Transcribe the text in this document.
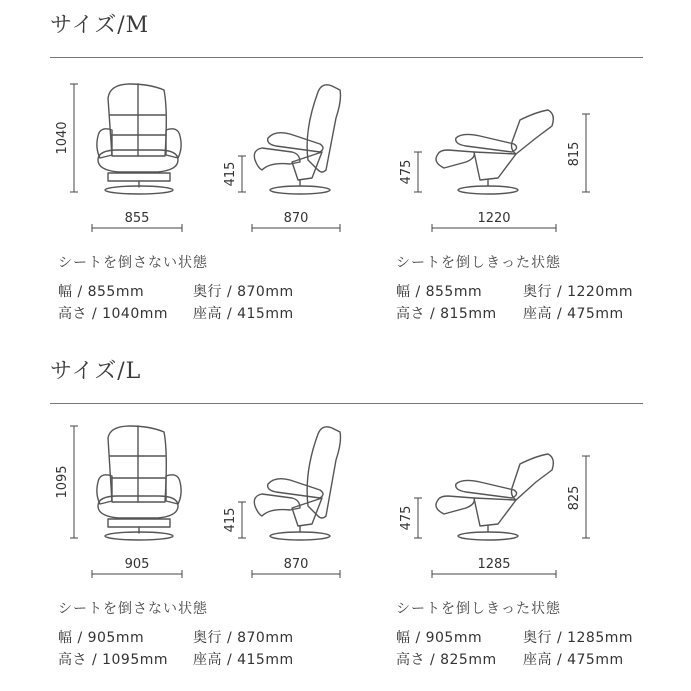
サイズ/M
1040
855
415
870
475
815
1220
シートを倒さない状態	シートを倒しきった状態
幅 / 855mm	奥行 / 870mm
高さ / 1040mm 座高 / 415mm
幅 / 855mm	奥行 / 1220mm
高さ / 815mm 座高 / 475mm
サイズ/L
1095
905
415
870
475
825
1285
シートを倒さない状態	シートを倒しきった状態
幅 / 905mm	奥行 / 870mm
高さ / 1095mm 座高 / 415mm
幅 / 905mm	奥行 / 1285mm
高さ / 825mm 座高 / 475mm
